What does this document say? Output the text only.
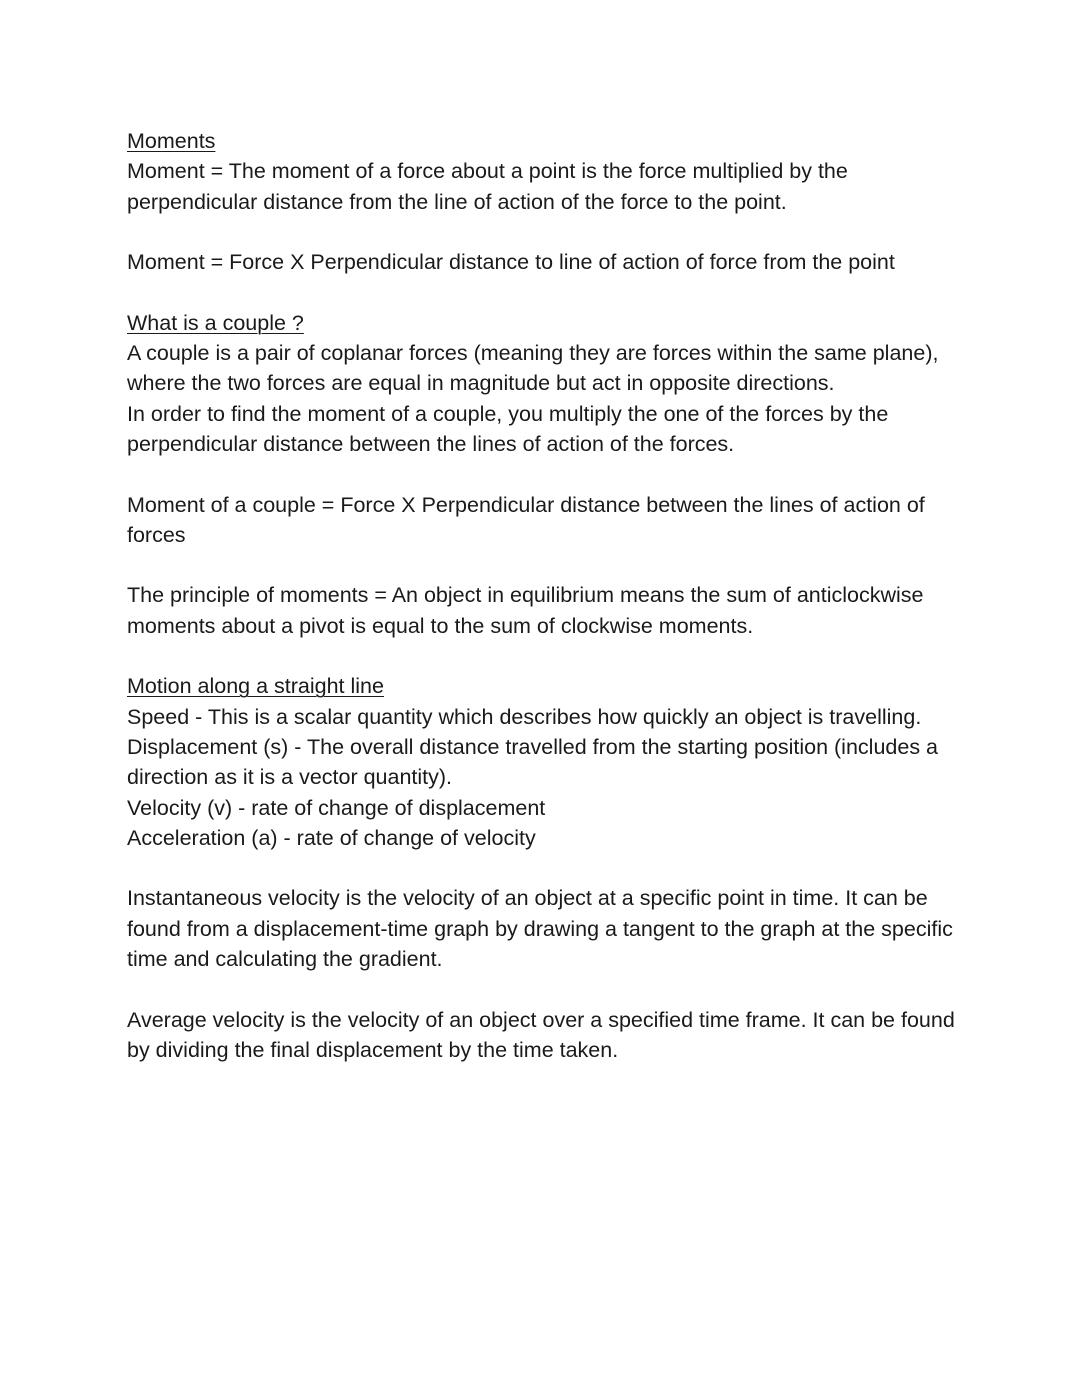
Moments

Moment = The moment of a force about a point is the force multiplied by the perpendicular distance from the line of action of the force to the point.

Moment = Force X Perpendicular distance to line of action of force from the point

What is a couple ?

A couple is a pair of coplanar forces (meaning they are forces within the same plane), where the two forces are equal in magnitude but act in opposite directions.

In order to find the moment of a couple, you multiply the one of the forces by the perpendicular distance between the lines of action of the forces.

Moment of a couple = Force X Perpendicular distance between the lines of action of forces

The principle of moments = An object in equilibrium means the sum of anticlockwise moments about a pivot is equal to the sum of clockwise moments.

Motion along a straight line

Speed - This is a scalar quantity which describes how quickly an object is travelling.

Displacement (s) - The overall distance travelled from the starting position (includes a direction as it is a vector quantity).

Velocity (v) - rate of change of displacement

Acceleration (a) - rate of change of velocity

Instantaneous velocity is the velocity of an object at a specific point in time. It can be found from a displacement-time graph by drawing a tangent to the graph at the specific time and calculating the gradient.

Average velocity is the velocity of an object over a specified time frame. It can be found by dividing the final displacement by the time taken.
